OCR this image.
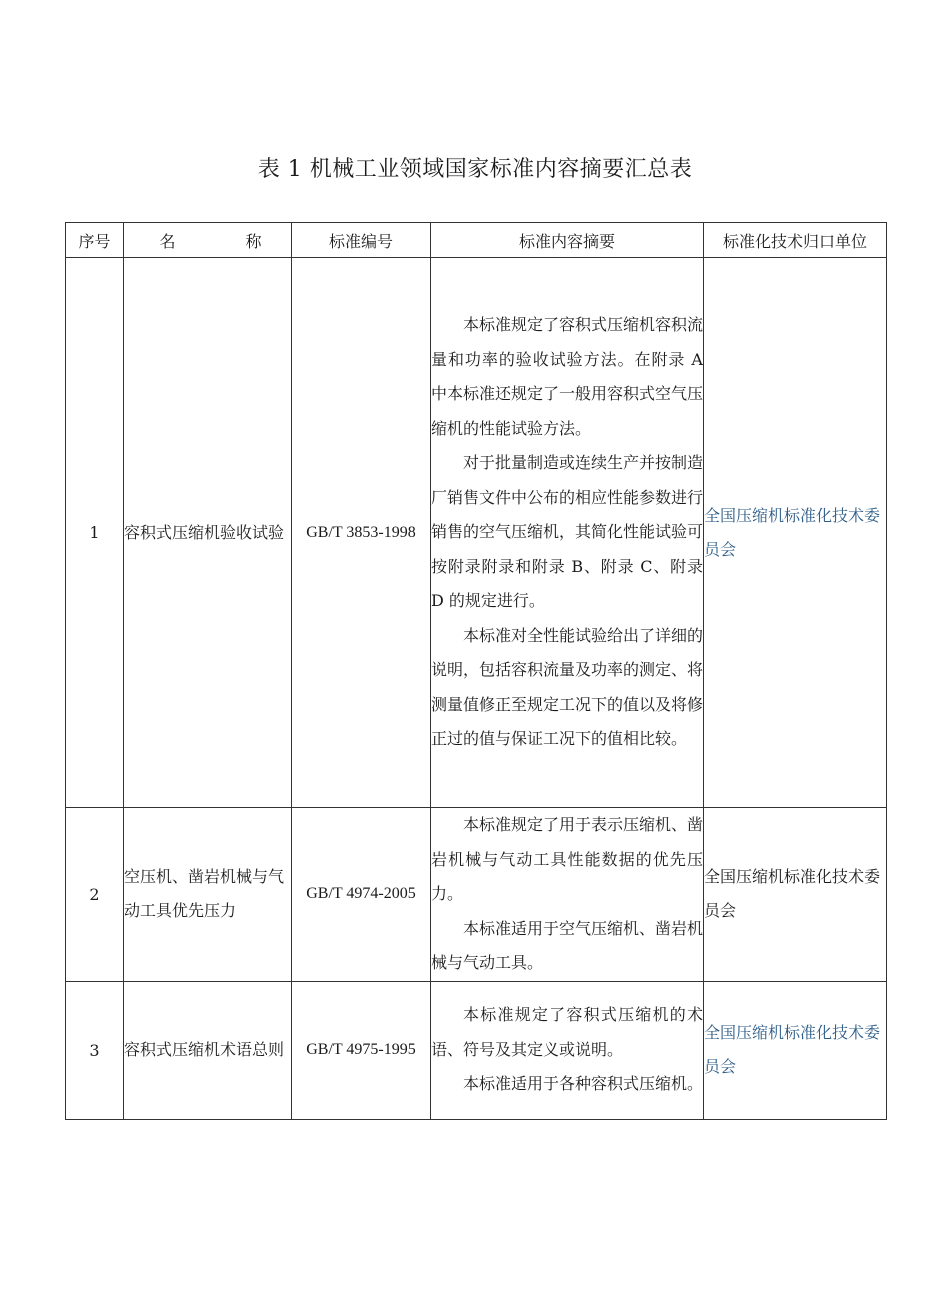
表 1 机械工业领域国家标准内容摘要汇总表
序号	名 称	标准编号	标准内容摘要	标准化技术归口单位
1	容积式压缩机验收试验	GB/T 3853-1998	本标准规定了容积式压缩机容积流量和功率的验收试验方法。在附录 A 中本标准还规定了一般用容积式空气压缩机的性能试验方法。

对于批量制造或连续生产并按制造厂销售文件中公布的相应性能参数进行销售的空气压缩机，其简化性能试验可按附录附录和附录 B、附录 C、附录 D 的规定进行。

本标准对全性能试验给出了详细的说明，包括容积流量及功率的测定、将测量值修正至规定工况下的值以及将修正过的值与保证工况下的值相比较。	全国压缩机标准化技术委员会
2	空压机、凿岩机械与气动工具优先压力	GB/T 4974-2005	本标准规定了用于表示压缩机、凿岩机械与气动工具性能数据的优先压力。

本标准适用于空气压缩机、凿岩机械与气动工具。	全国压缩机标准化技术委员会
3	容积式压缩机术语总则	GB/T 4975-1995	本标准规定了容积式压缩机的术语、符号及其定义或说明。

本标准适用于各种容积式压缩机。	全国压缩机标准化技术委员会
